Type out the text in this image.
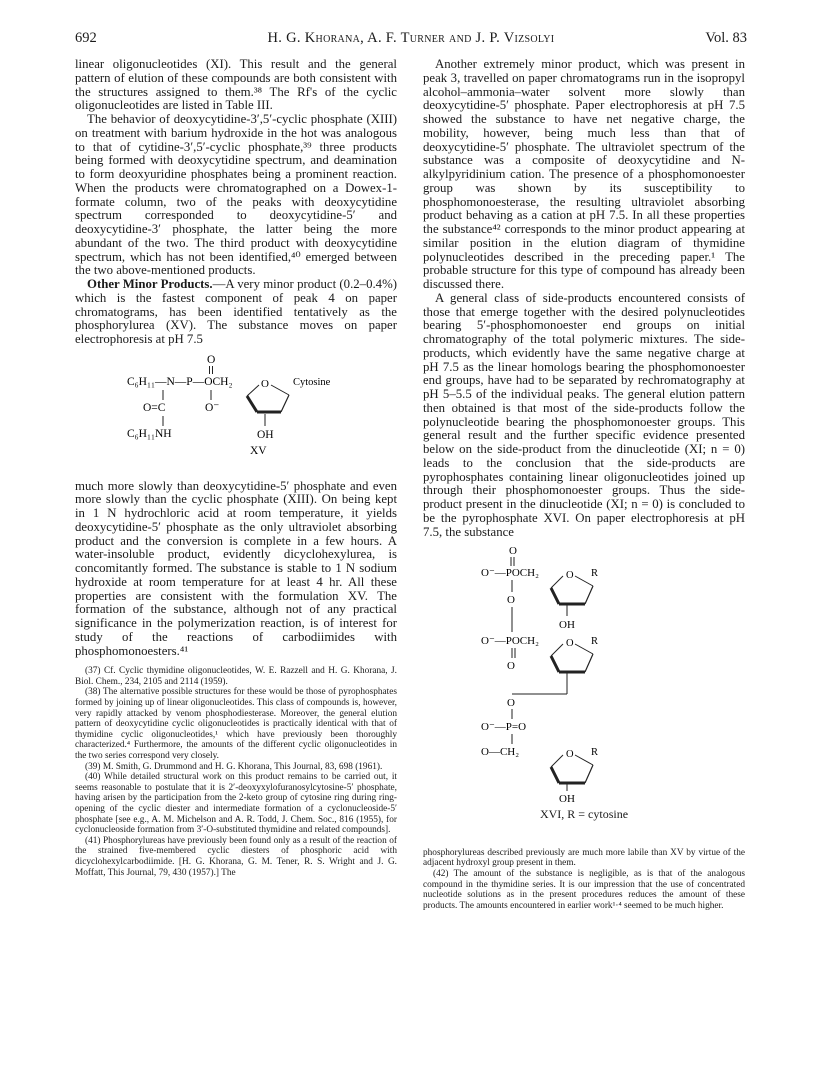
692	H. G. Khorana, A. F. Turner and J. P. Vizsolyi	Vol. 83

linear oligonucleotides (XI). This result and the general pattern of elution of these compounds are both consistent with the structures assigned to them.³⁸ The Rf's of the cyclic oligonucleotides are listed in Table III.

The behavior of deoxycytidine-3′,5′-cyclic phosphate (XIII) on treatment with barium hydroxide in the hot was analogous to that of cytidine-3′,5′-cyclic phosphate,³⁹ three products being formed with deoxycytidine spectrum, and deamination to form deoxyuridine phosphates being a prominent reaction. When the products were chromatographed on a Dowex-1-formate column, two of the peaks with deoxycytidine spectrum corresponded to deoxycytidine-5′ and deoxycytidine-3′ phosphate, the latter being the more abundant of the two. The third product with deoxycytidine spectrum, which has not been identified,⁴⁰ emerged between the two above-mentioned products.

Other Minor Products.—A very minor product (0.2–0.4%) which is the fastest component of peak 4 on paper chromatograms, has been identified tentatively as the phosphorylurea (XV). The substance moves on paper electrophoresis at pH 7.5

O
C₆H₁₁—N—P—OCH₂	O Cytosine
O=C	O⁻
C₆H₁₁NH	OH
XV

much more slowly than deoxycytidine-5′ phosphate and even more slowly than the cyclic phosphate (XIII). On being kept in 1 N hydrochloric acid at room temperature, it yields deoxycytidine-5′ phosphate as the only ultraviolet absorbing product and the conversion is complete in a few hours. A water-insoluble product, evidently dicyclohexylurea, is concomitantly formed. The substance is stable to 1 N sodium hydroxide at room temperature for at least 4 hr. All these properties are consistent with the formulation XV. The formation of the substance, although not of any practical significance in the polymerization reaction, is of interest for study of the reactions of carbodiimides with phosphomonoesters.⁴¹

(37) Cf. Cyclic thymidine oligonucleotides, W. E. Razzell and H. G. Khorana, J. Biol. Chem., 234, 2105 and 2114 (1959).

(38) The alternative possible structures for these would be those of pyrophosphates formed by joining up of linear oligonucleotides. This class of compounds is, however, very rapidly attacked by venom phosphodiesterase. Moreover, the general elution pattern of deoxycytidine cyclic oligonucleotides is practically identical with that of thymidine cyclic oligonucleotides,¹ which have previously been thoroughly characterized.⁴ Furthermore, the amounts of the different cyclic oligonucleotides in the two series correspond very closely.

(39) M. Smith, G. Drummond and H. G. Khorana, This Journal, 83, 698 (1961).

(40) While detailed structural work on this product remains to be carried out, it seems reasonable to postulate that it is 2′-deoxyxylofuranosylcytosine-5′ phosphate, having arisen by the participation from the 2-keto group of cytosine ring during ring-opening of the cyclic diester and intermediate formation of a cyclonucleoside-5′ phosphate [see e.g., A. M. Michelson and A. R. Todd, J. Chem. Soc., 816 (1955), for cyclonucleoside formation from 3′-O-substituted thymidine and related compounds].

(41) Phosphorylureas have previously been found only as a result of the reaction of the strained five-membered cyclic diesters of phosphoric acid with dicyclohexylcarbodiimide. [H. G. Khorana, G. M. Tener, R. S. Wright and J. G. Moffatt, This Journal, 79, 430 (1957).] The

Another extremely minor product, which was present in peak 3, travelled on paper chromatograms run in the isopropyl alcohol–ammonia–water solvent more slowly than deoxycytidine-5′ phosphate. Paper electrophoresis at pH 7.5 showed the substance to have net negative charge, the mobility, however, being much less than that of deoxycytidine-5′ phosphate. The ultraviolet spectrum of the substance was a composite of deoxycytidine and N-alkylpyridinium cation. The presence of a phosphomonoester group was shown by its susceptibility to phosphomonoesterase, the resulting ultraviolet absorbing product behaving as a cation at pH 7.5. In all these properties the substance⁴² corresponds to the minor product appearing at similar position in the elution diagram of thymidine polynucleotides described in the preceding paper.¹ The probable structure for this type of compound has already been discussed there.

A general class of side-products encountered consists of those that emerge together with the desired polynucleotides bearing 5′-phosphomonoester end groups on initial chromatography of the total polymeric mixtures. The side-products, which evidently have the same negative charge at pH 7.5 as the linear homologs bearing the phosphomonoester end groups, have had to be separated by rechromatography at pH 5–5.5 of the individual peaks. The general elution pattern then obtained is that most of the side-products follow the polynucleotide bearing the phosphomonoester groups. This general result and the further specific evidence presented below on the side-product from the dinucleotide (XI; n = 0) leads to the conclusion that the side-products are pyrophosphates containing linear oligonucleotides joined up through their phosphomonoester groups. Thus the side-product present in the dinucleotide (XI; n = 0) is concluded to be the pyrophosphate XVI. On paper electrophoresis at pH 7.5, the substance

O
O⁻—POCH₂	O R
O
OH
O⁻—POCH₂	O R
O
O
O⁻—P=O
O—CH₂	O R
OH
XVI, R = cytosine

phosphorylureas described previously are much more labile than XV by virtue of the adjacent hydroxyl group present in them.

(42) The amount of the substance is negligible, as is that of the analogous compound in the thymidine series. It is our impression that the use of concentrated nucleotide solutions as in the present procedures reduces the amount of these products. The amounts encountered in earlier work¹·⁴ seemed to be much higher.
